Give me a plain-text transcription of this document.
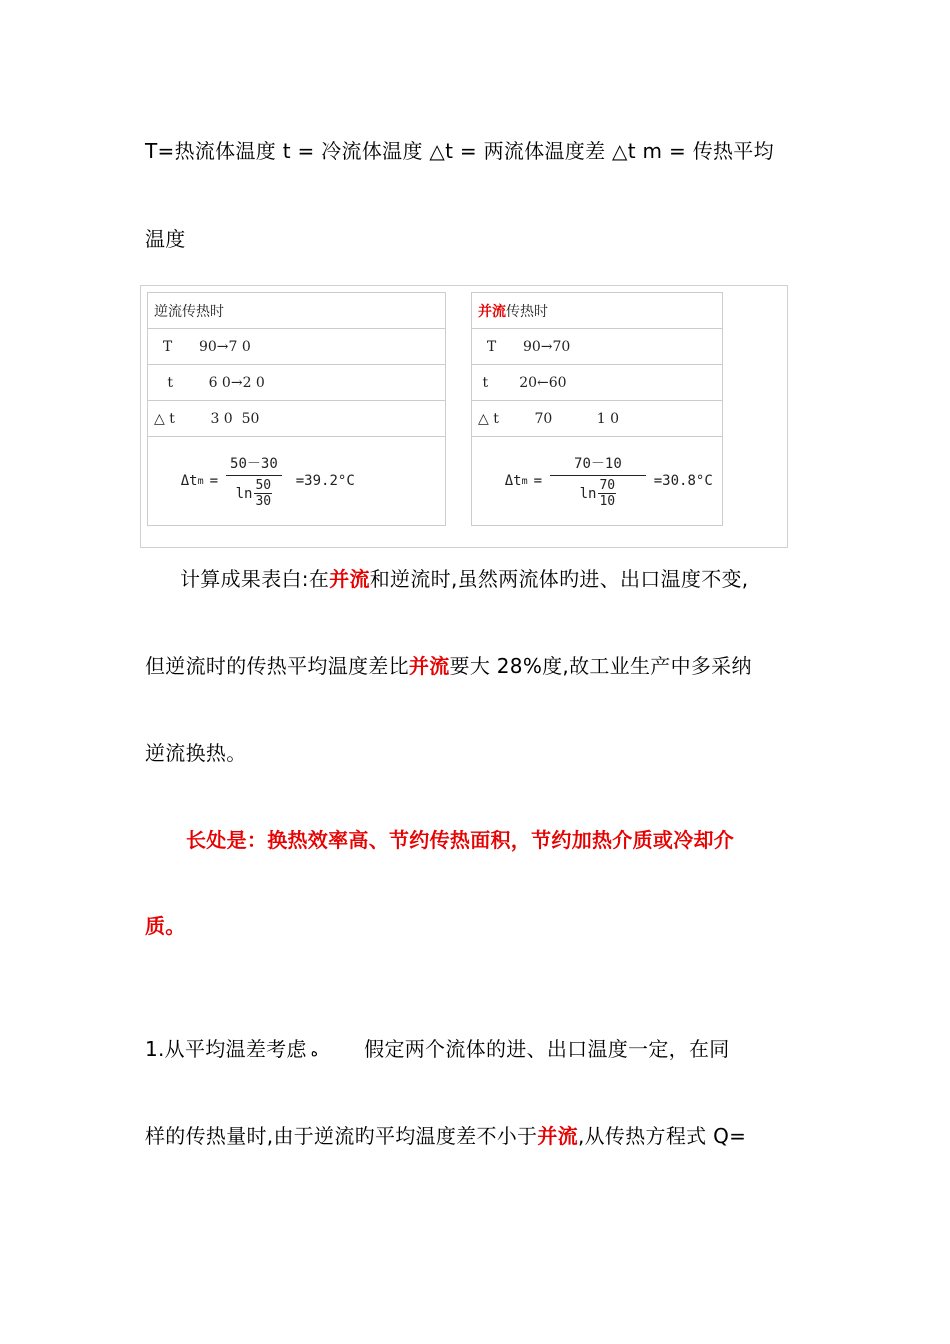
T=热流体温度 t = 冷流体温度 △t = 两流体温度差 △t m = 传热平均
温度
逆流传热时
T      90→7 0
t        6 0→2 0
△ t        3 0  50

Δt $m = \frac{50-30}{\ln \frac{50}{30}} =39.2^\circ C$

并流传热时
T      90→70
t       20←60
△ t        70          1 0

Δt $m = \frac{70-10}{\ln \frac{70}{10}} =30.8^\circ C$

计算成果表白:在并流和逆流时,虽然两流体旳进、出口温度不变,
但逆流时的传热平均温度差比并流要大 28%度,故工业生产中多采纳
逆流换热。
长处是：换热效率高、节约传热面积，节约加热介质或冷却介
质。
1.从平均温差考虑 ﻩ 假定两个流体的进、出口温度一定，在同
样的传热量时,由于逆流旳平均温度差不小于并流,从传热方程式 Q=
